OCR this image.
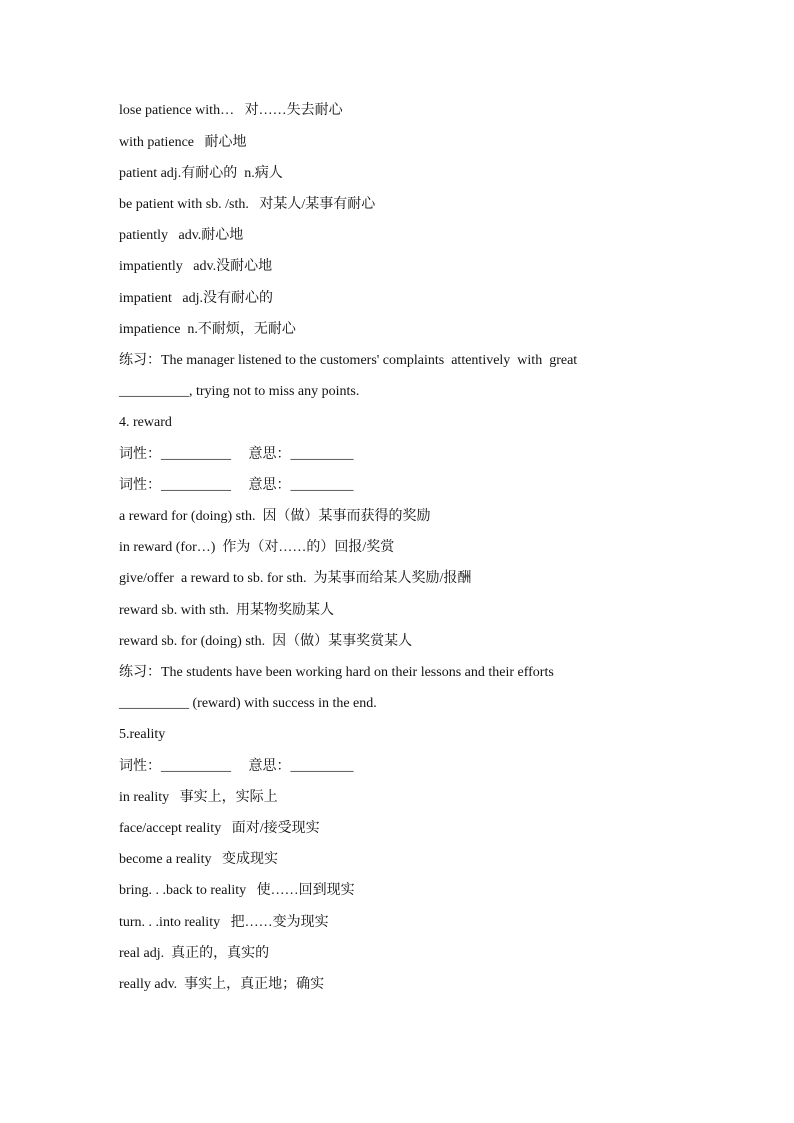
lose patience with…   对……失去耐心
with patience   耐心地
patient adj.有耐心的  n.病人
be patient with sb. /sth.   对某人/某事有耐心
patiently   adv.耐心地
impatiently   adv.没耐心地
impatient   adj.没有耐心的
impatience  n.不耐烦，无耐心
练习：The manager listened to the customers' complaints  attentively  with  great
__________, trying not to miss any points.
4. reward
词性：__________     意思：_________
词性：__________     意思：_________
a reward for (doing) sth.  因（做）某事而获得的奖励
in reward (for…)  作为（对……的）回报/奖赏
give/offer  a reward to sb. for sth.  为某事而给某人奖励/报酬
reward sb. with sth.  用某物奖励某人
reward sb. for (doing) sth.  因（做）某事奖赏某人
练习：The students have been working hard on their lessons and their efforts
__________ (reward) with success in the end.
5.reality
词性：__________     意思：_________
in reality   事实上，实际上
face/accept reality   面对/接受现实
become a reality   变成现实
bring. . .back to reality   使……回到现实
turn. . .into reality   把……变为现实
real adj.  真正的，真实的
really adv.  事实上，真正地；确实
